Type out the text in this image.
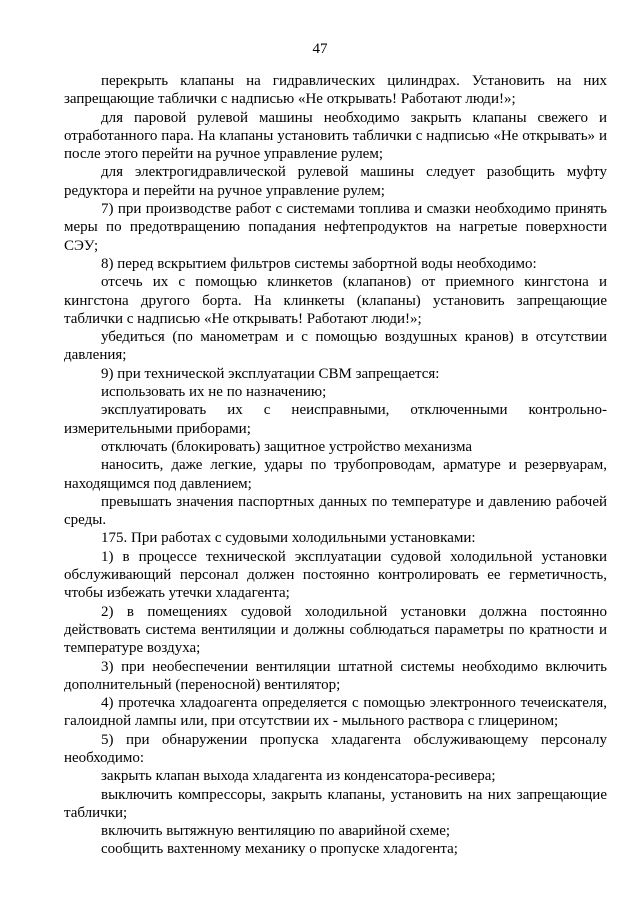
47

перекрыть клапаны на гидравлических цилиндрах. Установить на них запрещающие таблички с надписью «Не открывать! Работают люди!»;

для паровой рулевой машины необходимо закрыть клапаны свежего и отработанного пара. На клапаны установить таблички с надписью «Не открывать» и после этого перейти на ручное управление рулем;

для электрогидравлической рулевой машины следует разобщить муфту редуктора и перейти на ручное управление рулем;

7) при производстве работ с системами топлива и смазки необходимо принять меры по предотвращению попадания нефтепродуктов на нагретые поверхности СЭУ;

8) перед вскрытием фильтров системы забортной воды необходимо:

отсечь их с помощью клинкетов (клапанов) от приемного кингстона и кингстона другого борта. На клинкеты (клапаны) установить запрещающие таблички с надписью «Не открывать! Работают люди!»;

убедиться (по манометрам и с помощью воздушных кранов) в отсутствии давления;

9) при технической эксплуатации СВМ запрещается:

использовать их не по назначению;

эксплуатировать их с неисправными, отключенными контрольно-измерительными приборами;

отключать (блокировать) защитное устройство механизма

наносить, даже легкие, удары по трубопроводам, арматуре и резервуарам, находящимся под давлением;

превышать значения паспортных данных по температуре и давлению рабочей среды.

175. При работах с судовыми холодильными установками:

1) в процессе технической эксплуатации судовой холодильной установки обслуживающий персонал должен постоянно контролировать ее герметичность, чтобы избежать утечки хладагента;

2) в помещениях судовой холодильной установки должна постоянно действовать система вентиляции и должны соблюдаться параметры по кратности и температуре воздуха;

3) при необеспечении вентиляции штатной системы необходимо включить дополнительный (переносной) вентилятор;

4) протечка хладоагента определяется с помощью электронного течеискателя, галоидной лампы или, при отсутствии их - мыльного раствора с глицерином;

5) при обнаружении пропуска хладагента обслуживающему персоналу необходимо:

закрыть клапан выхода хладагента из конденсатора-ресивера;

выключить компрессоры, закрыть клапаны, установить на них запрещающие таблички;

включить вытяжную вентиляцию по аварийной схеме;

сообщить вахтенному механику о пропуске хладогента;
